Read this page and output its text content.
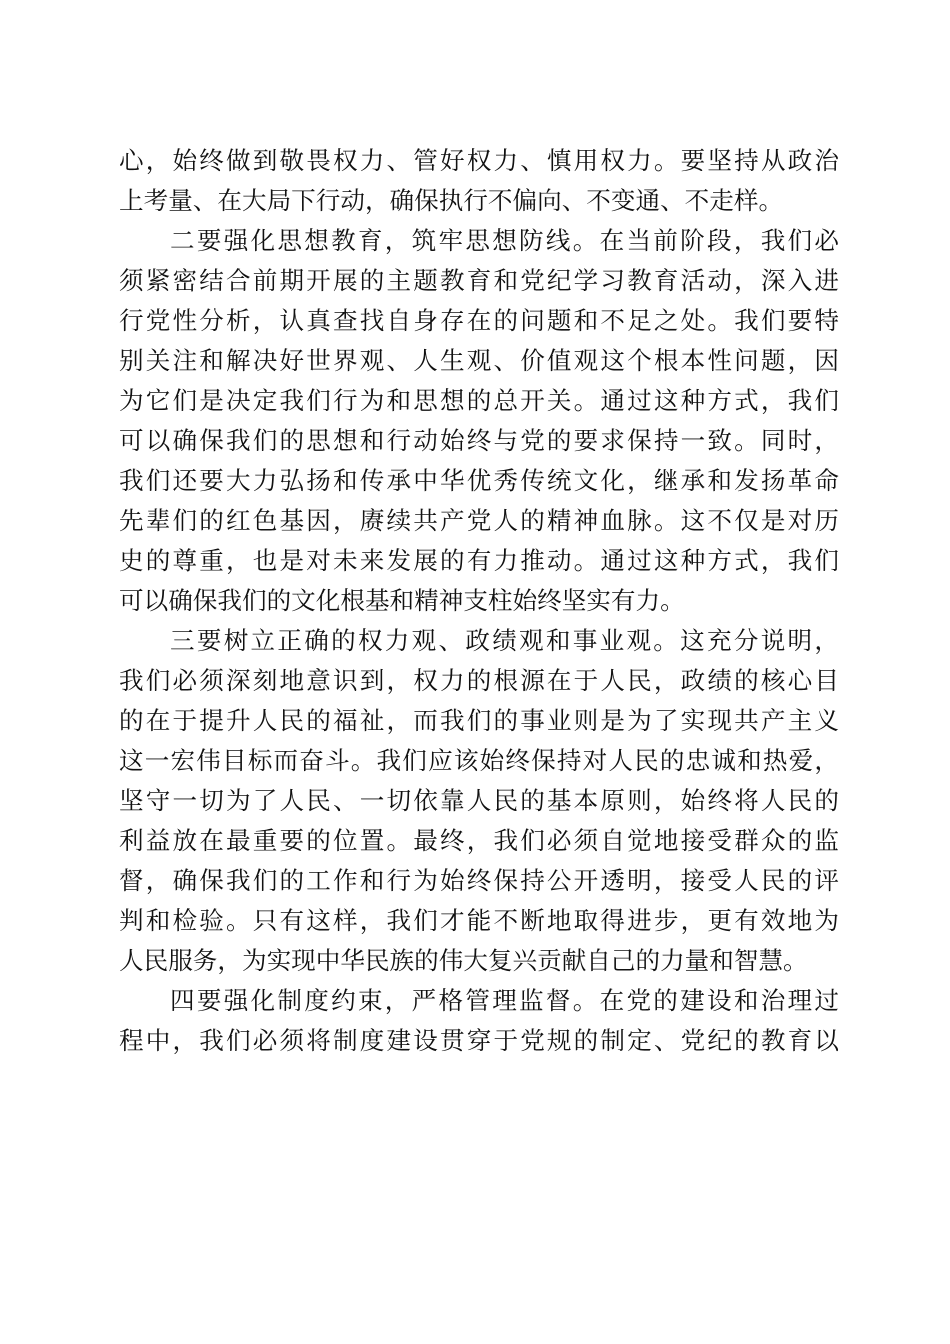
心，始终做到敬畏权力、管好权力、慎用权力。要坚持从政治
上考量、在大局下行动，确保执行不偏向、不变通、不走样。
二要强化思想教育，筑牢思想防线。在当前阶段，我们必
须紧密结合前期开展的主题教育和党纪学习教育活动，深入进
行党性分析，认真查找自身存在的问题和不足之处。我们要特
别关注和解决好世界观、人生观、价值观这个根本性问题，因
为它们是决定我们行为和思想的总开关。通过这种方式，我们
可以确保我们的思想和行动始终与党的要求保持一致。同时，
我们还要大力弘扬和传承中华优秀传统文化，继承和发扬革命
先辈们的红色基因，赓续共产党人的精神血脉。这不仅是对历
史的尊重，也是对未来发展的有力推动。通过这种方式，我们
可以确保我们的文化根基和精神支柱始终坚实有力。
三要树立正确的权力观、政绩观和事业观。这充分说明，
我们必须深刻地意识到，权力的根源在于人民，政绩的核心目
的在于提升人民的福祉，而我们的事业则是为了实现共产主义
这一宏伟目标而奋斗。我们应该始终保持对人民的忠诚和热爱，
坚守一切为了人民、一切依靠人民的基本原则，始终将人民的
利益放在最重要的位置。最终，我们必须自觉地接受群众的监
督，确保我们的工作和行为始终保持公开透明，接受人民的评
判和检验。只有这样，我们才能不断地取得进步，更有效地为
人民服务，为实现中华民族的伟大复兴贡献自己的力量和智慧。
四要强化制度约束，严格管理监督。在党的建设和治理过
程中，我们必须将制度建设贯穿于党规的制定、党纪的教育以
